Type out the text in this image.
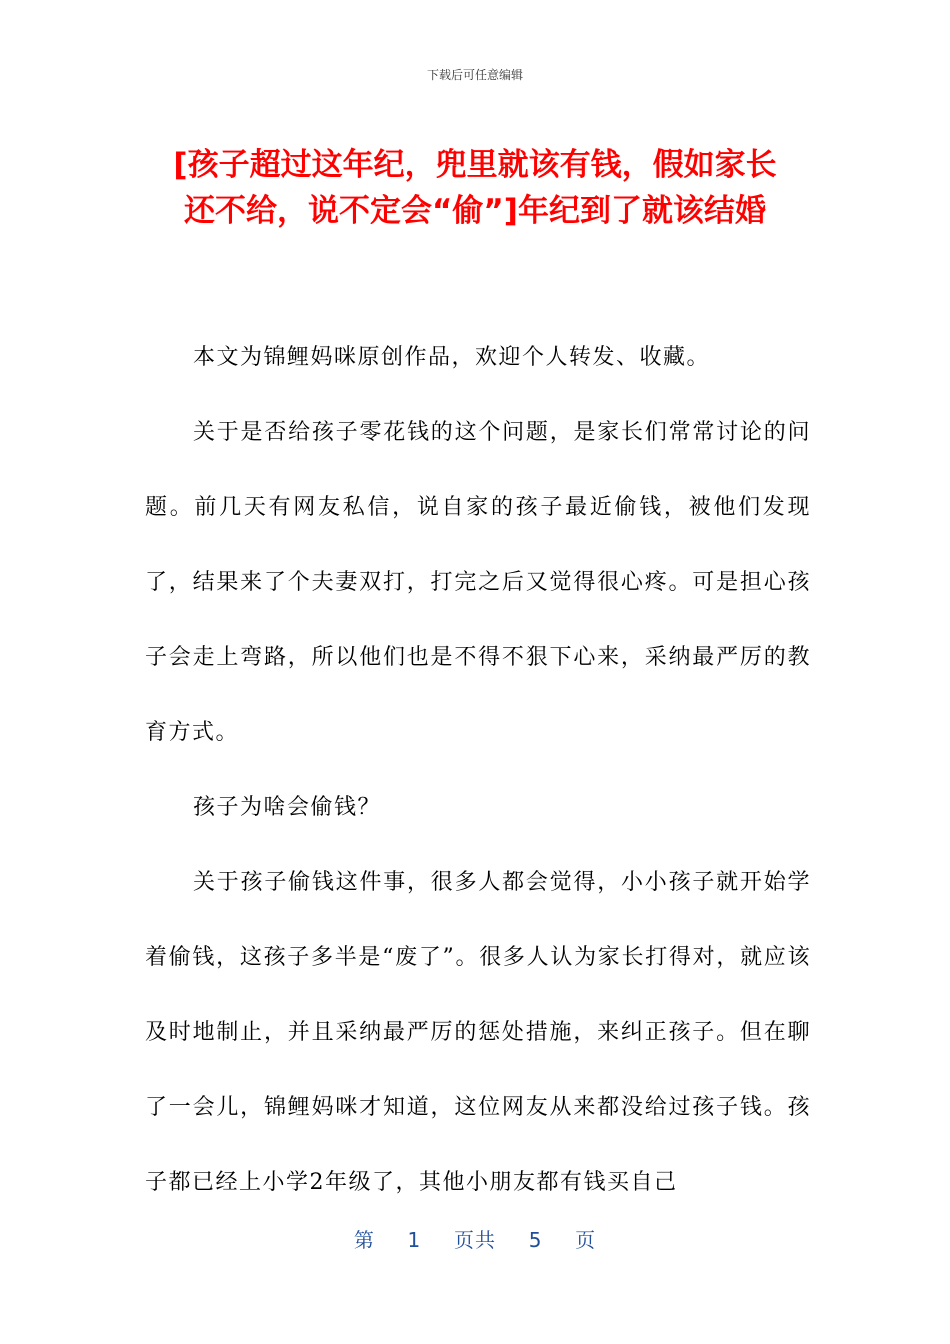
下载后可任意编辑
[孩子超过这年纪，兜里就该有钱，假如家长
还不给，说不定会“偷”]年纪到了就该结婚

本文为锦鲤妈咪原创作品，欢迎个人转发、收藏。

关于是否给孩子零花钱的这个问题，是家长们常常讨论的问题。前几天有网友私信，说自家的孩子最近偷钱，被他们发现了，结果来了个夫妻双打，打完之后又觉得很心疼。可是担心孩子会走上弯路，所以他们也是不得不狠下心来，采纳最严厉的教育方式。

孩子为啥会偷钱？

关于孩子偷钱这件事，很多人都会觉得，小小孩子就开始学着偷钱，这孩子多半是“废了”。很多人认为家长打得对，就应该及时地制止，并且采纳最严厉的惩处措施，来纠正孩子。但在聊了一会儿，锦鲤妈咪才知道，这位网友从来都没给过孩子钱。孩子都已经上小学2年级了，其他小朋友都有钱买自己

第 1 页共 5 页
